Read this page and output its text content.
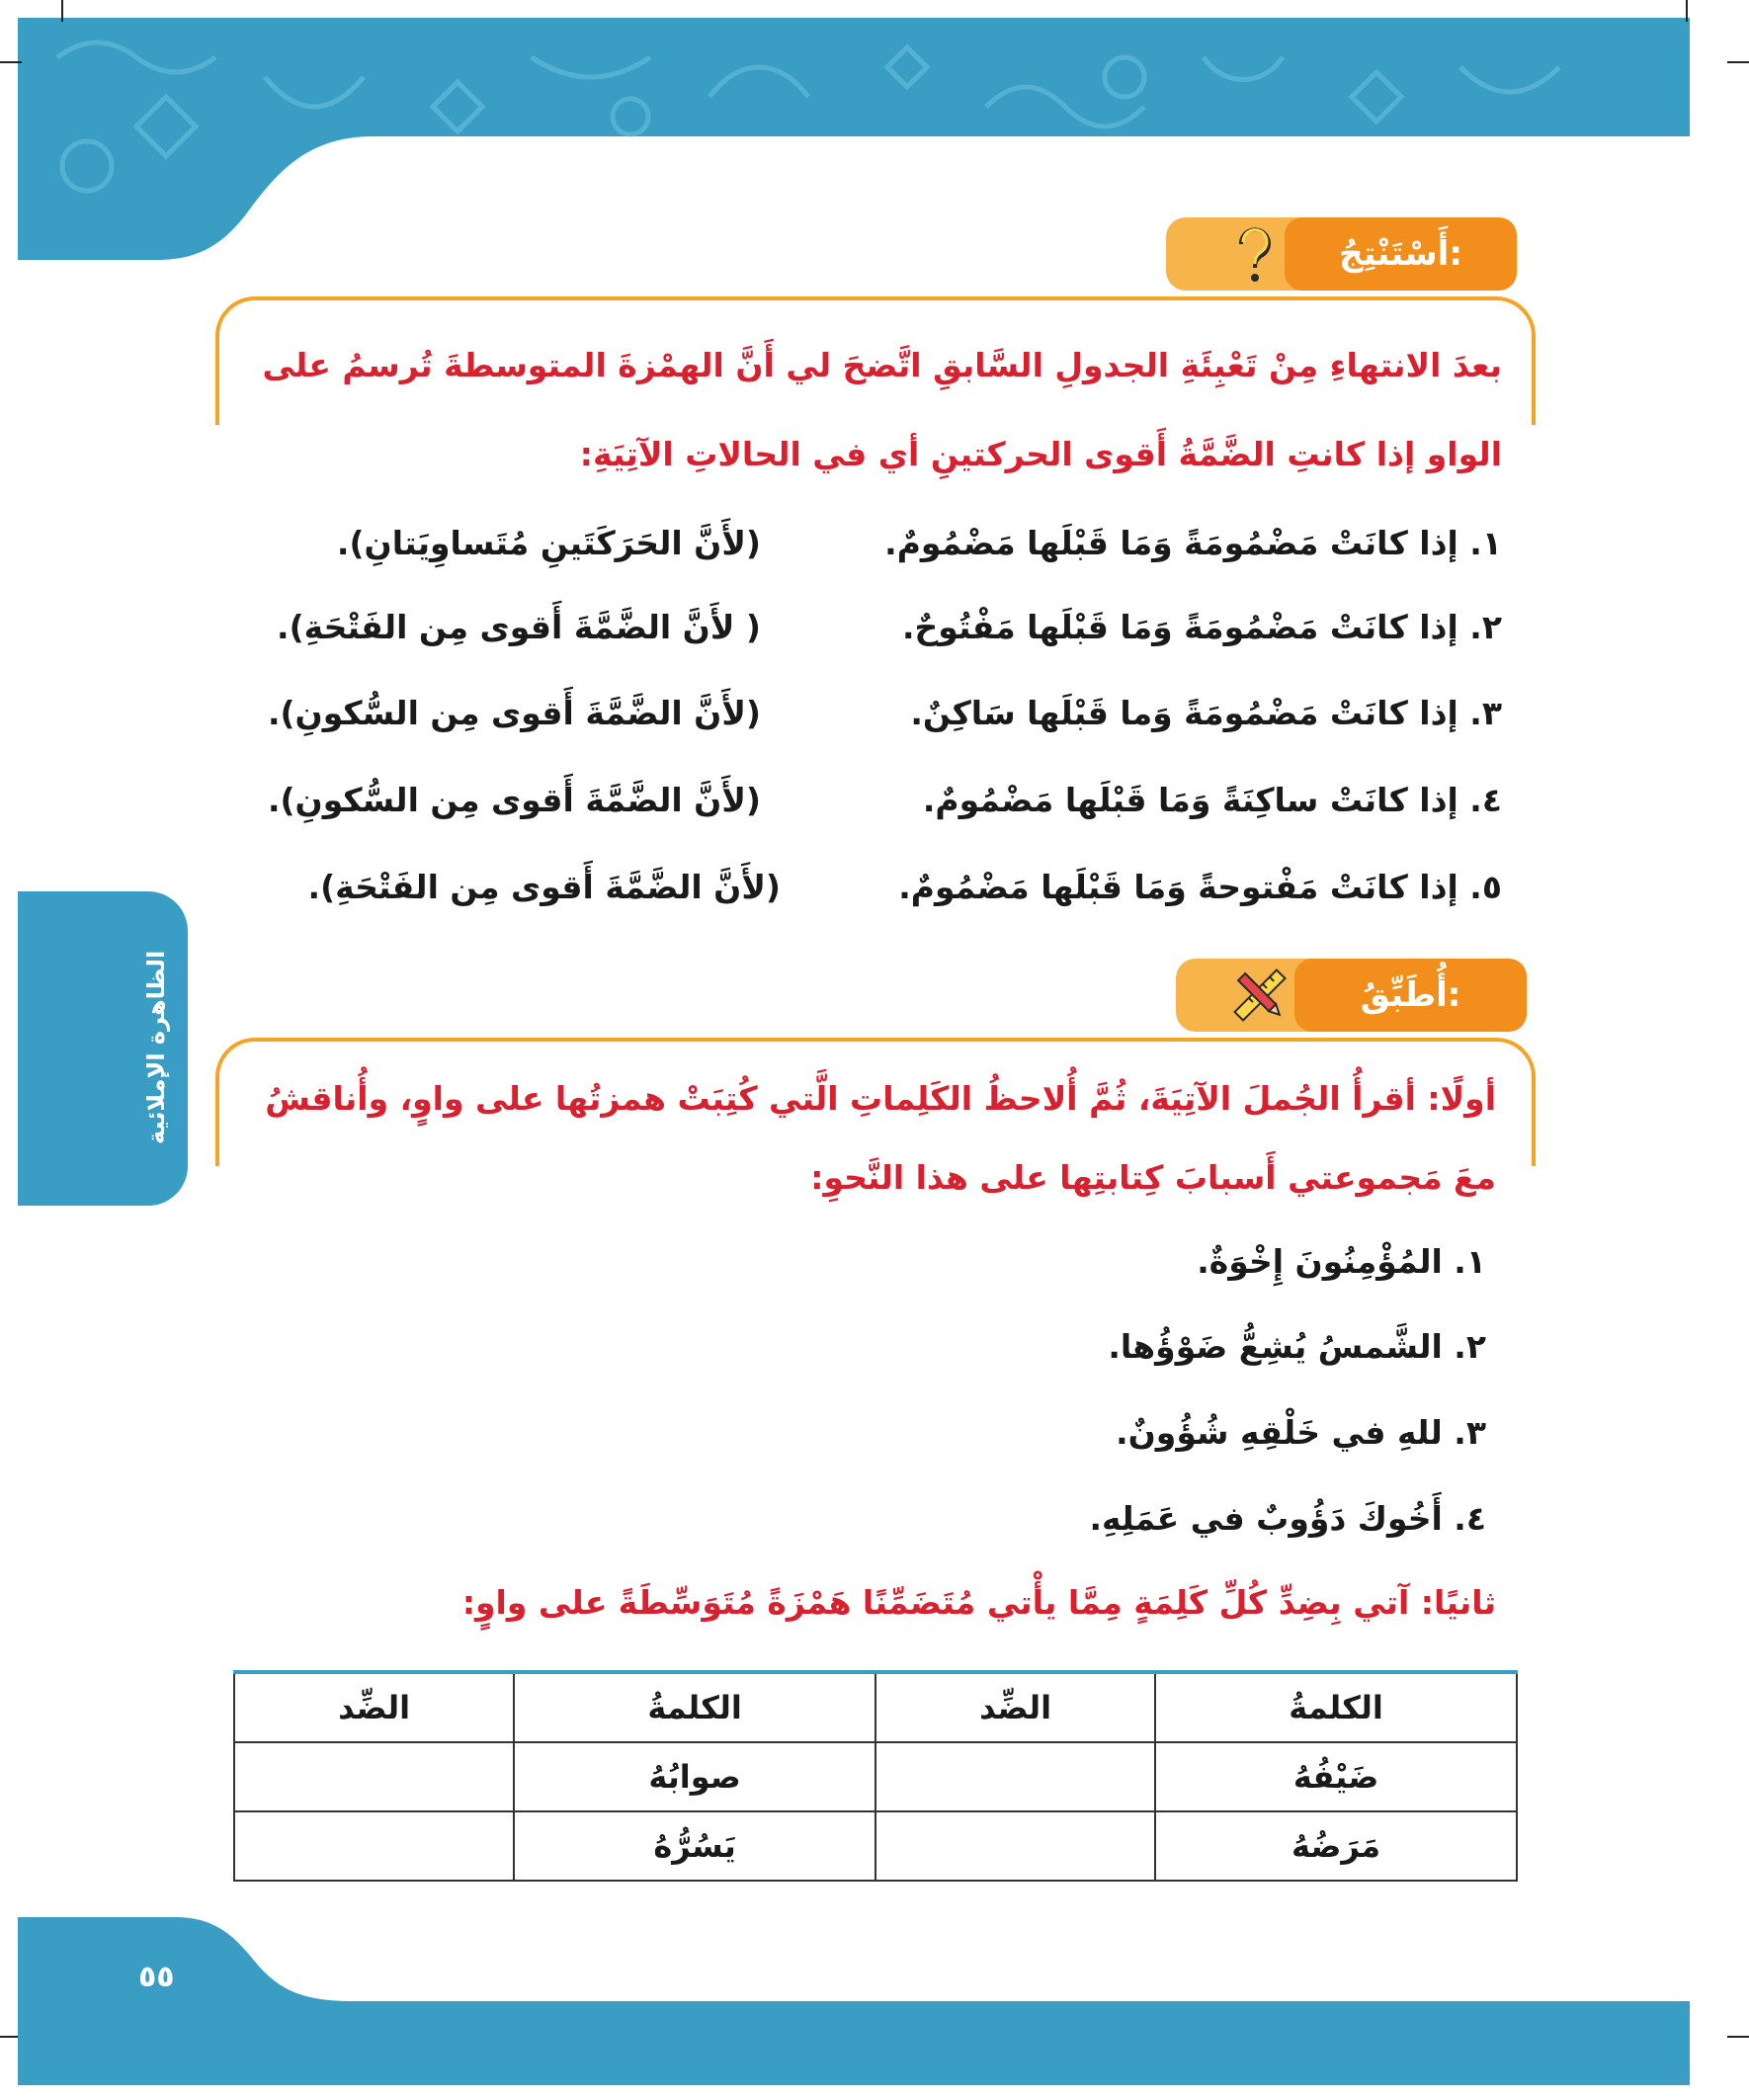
أَسْتَنْتِجُ:
بعدَ الانتهاءِ مِنْ تَعْبِئَةِ الجدولِ السَّابقِ اتَّضحَ لي أَنَّ الهمْزةَ المتوسطةَ تُرسمُ على
الواو إذا كانتِ الضَّمَّةُ أَقوى الحركتينِ أي في الحالاتِ الآتِيَةِ:
١. إذا كانَتْ مَضْمُومَةً وَمَا قَبْلَها مَضْمُومٌ.
(لأَنَّ الحَرَكَتَينِ مُتَساوِيَتانِ).
٢. إذا كانَتْ مَضْمُومَةً وَمَا قَبْلَها مَفْتُوحٌ.
( لأَنَّ الضَّمَّةَ أَقوى مِن الفَتْحَةِ).
٣. إذا كانَتْ مَضْمُومَةً وَما قَبْلَها سَاكِنٌ.
(لأَنَّ الضَّمَّةَ أَقوى مِن السُّكونِ).
٤. إذا كانَتْ ساكِنَةً وَمَا قَبْلَها مَضْمُومٌ.
(لأَنَّ الضَّمَّةَ أَقوى مِن السُّكونِ).
٥. إذا كانَتْ مَفْتوحةً وَمَا قَبْلَها مَضْمُومٌ.
(لأَنَّ الضَّمَّةَ أَقوى مِن الفَتْحَةِ).
الظاهرة الإملائية	أُطَبِّقُ:
أولًا: أقرأُ الجُملَ الآتِيَةَ، ثُمَّ أُلاحظُ الكَلِماتِ الَّتي كُتِبَتْ همزتُها على واوٍ، وأُناقشُ
معَ مَجموعتي أَسبابَ كِتابتِها على هذا النَّحوِ:
١. المُؤْمِنُونَ إِخْوَةٌ.
٢. الشَّمسُ يُشِعُّ ضَوْؤُها.
٣. للهِ في خَلْقِهِ شُؤُونٌ.
٤. أَخُوكَ دَؤُوبٌ في عَمَلِهِ.
ثانيًا: آتي بِضِدِّ كُلِّ كَلِمَةٍ مِمَّا يأْتي مُتَضَمِّنًا هَمْزَةً مُتَوَسِّطَةً على واوٍ:
الكلمةُ	الضِّد	الكلمةُ	الضِّد
ضَيْفُهُ		صوابُهُ	
مَرَضُهُ		يَسُرُّهُ	
٥٥
